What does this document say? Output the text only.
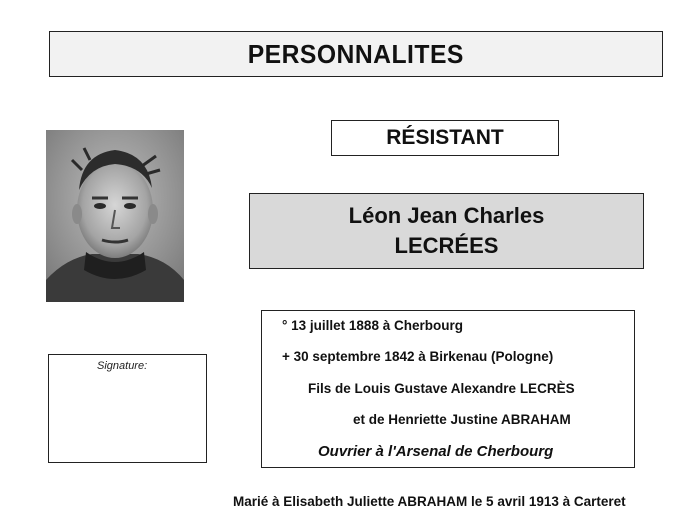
PERSONNALITES
RÉSISTANT
Léon Jean Charles
LECRÉES
Signature:
° 13 juillet 1888 à Cherbourg
+ 30 septembre 1842 à Birkenau (Pologne)
Fils de Louis Gustave Alexandre LECRÈS
et de Henriette Justine ABRAHAM
Ouvrier à l'Arsenal de Cherbourg
Marié à Elisabeth Juliette ABRAHAM le 5 avril 1913 à Carteret
